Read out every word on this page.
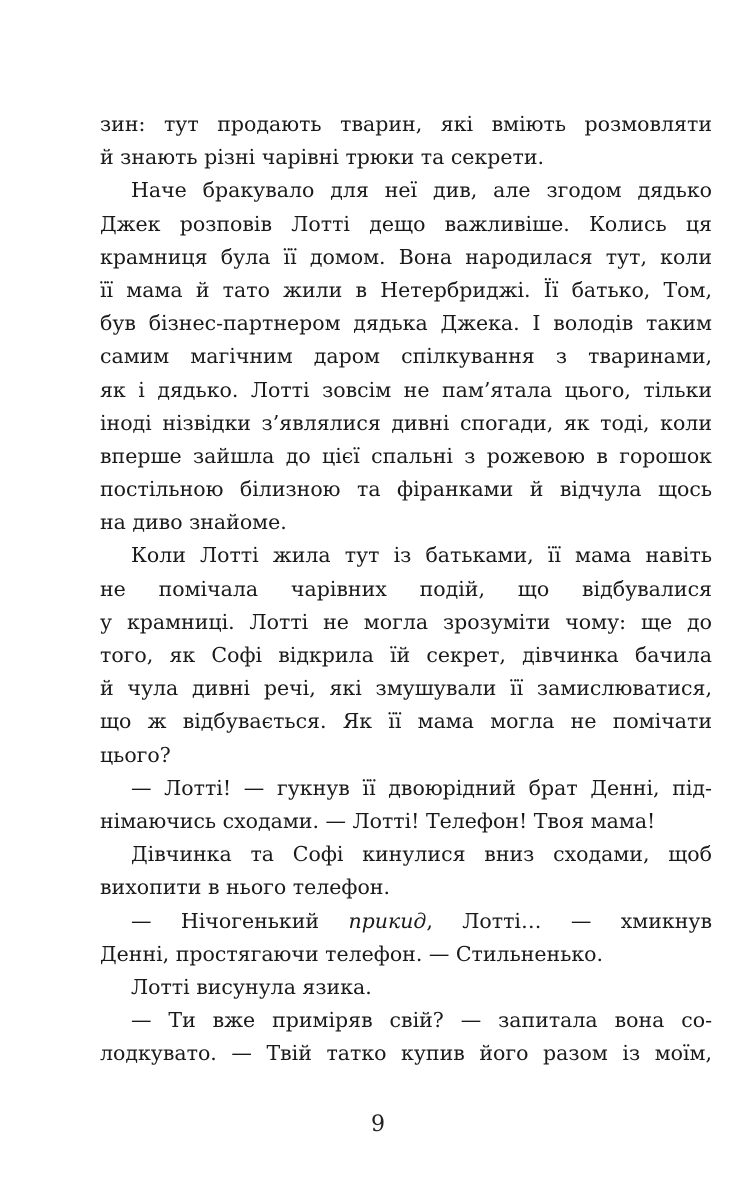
зин: тут продають тварин, які вміють розмовляти
й знають різні чарівні трюки та секрети.
Наче бракувало для неї див, але згодом дядько
Джек розповів Лотті дещо важливіше. Колись ця
крамниця була її домом. Вона народилася тут, коли
її мама й тато жили в Нетербриджі. Її батько, Том,
був бізнес-партнером дядька Джека. І володів таким
самим магічним даром спілкування з тваринами,
як і дядько. Лотті зовсім не пам’ятала цього, тільки
іноді нізвідки з’являлися дивні спогади, як тоді, коли
вперше зайшла до цієї спальні з рожевою в горошок
постільною білизною та фіранками й відчула щось
на диво знайоме.
Коли Лотті жила тут із батьками, її мама навіть
не помічала чарівних подій, що відбувалися
у крамниці. Лотті не могла зрозуміти чому: ще до
того, як Софі відкрила їй секрет, дівчинка бачила
й чула дивні речі, які змушували її замислюватися,
що ж відбувається. Як її мама могла не помічати
цього?
— Лотті! — гукнув її двоюрідний брат Денні, під-
німаючись сходами. — Лотті! Телефон! Твоя мама!
Дівчинка та Софі кинулися вниз сходами, щоб
вихопити в нього телефон.
— Нічогенький прикид, Лотті… — хмикнув
Денні, простягаючи телефон. — Стильненько.
Лотті висунула язика.
— Ти вже приміряв свій? — запитала вона со-
лодкувато. — Твій татко купив його разом із моїм,
9
